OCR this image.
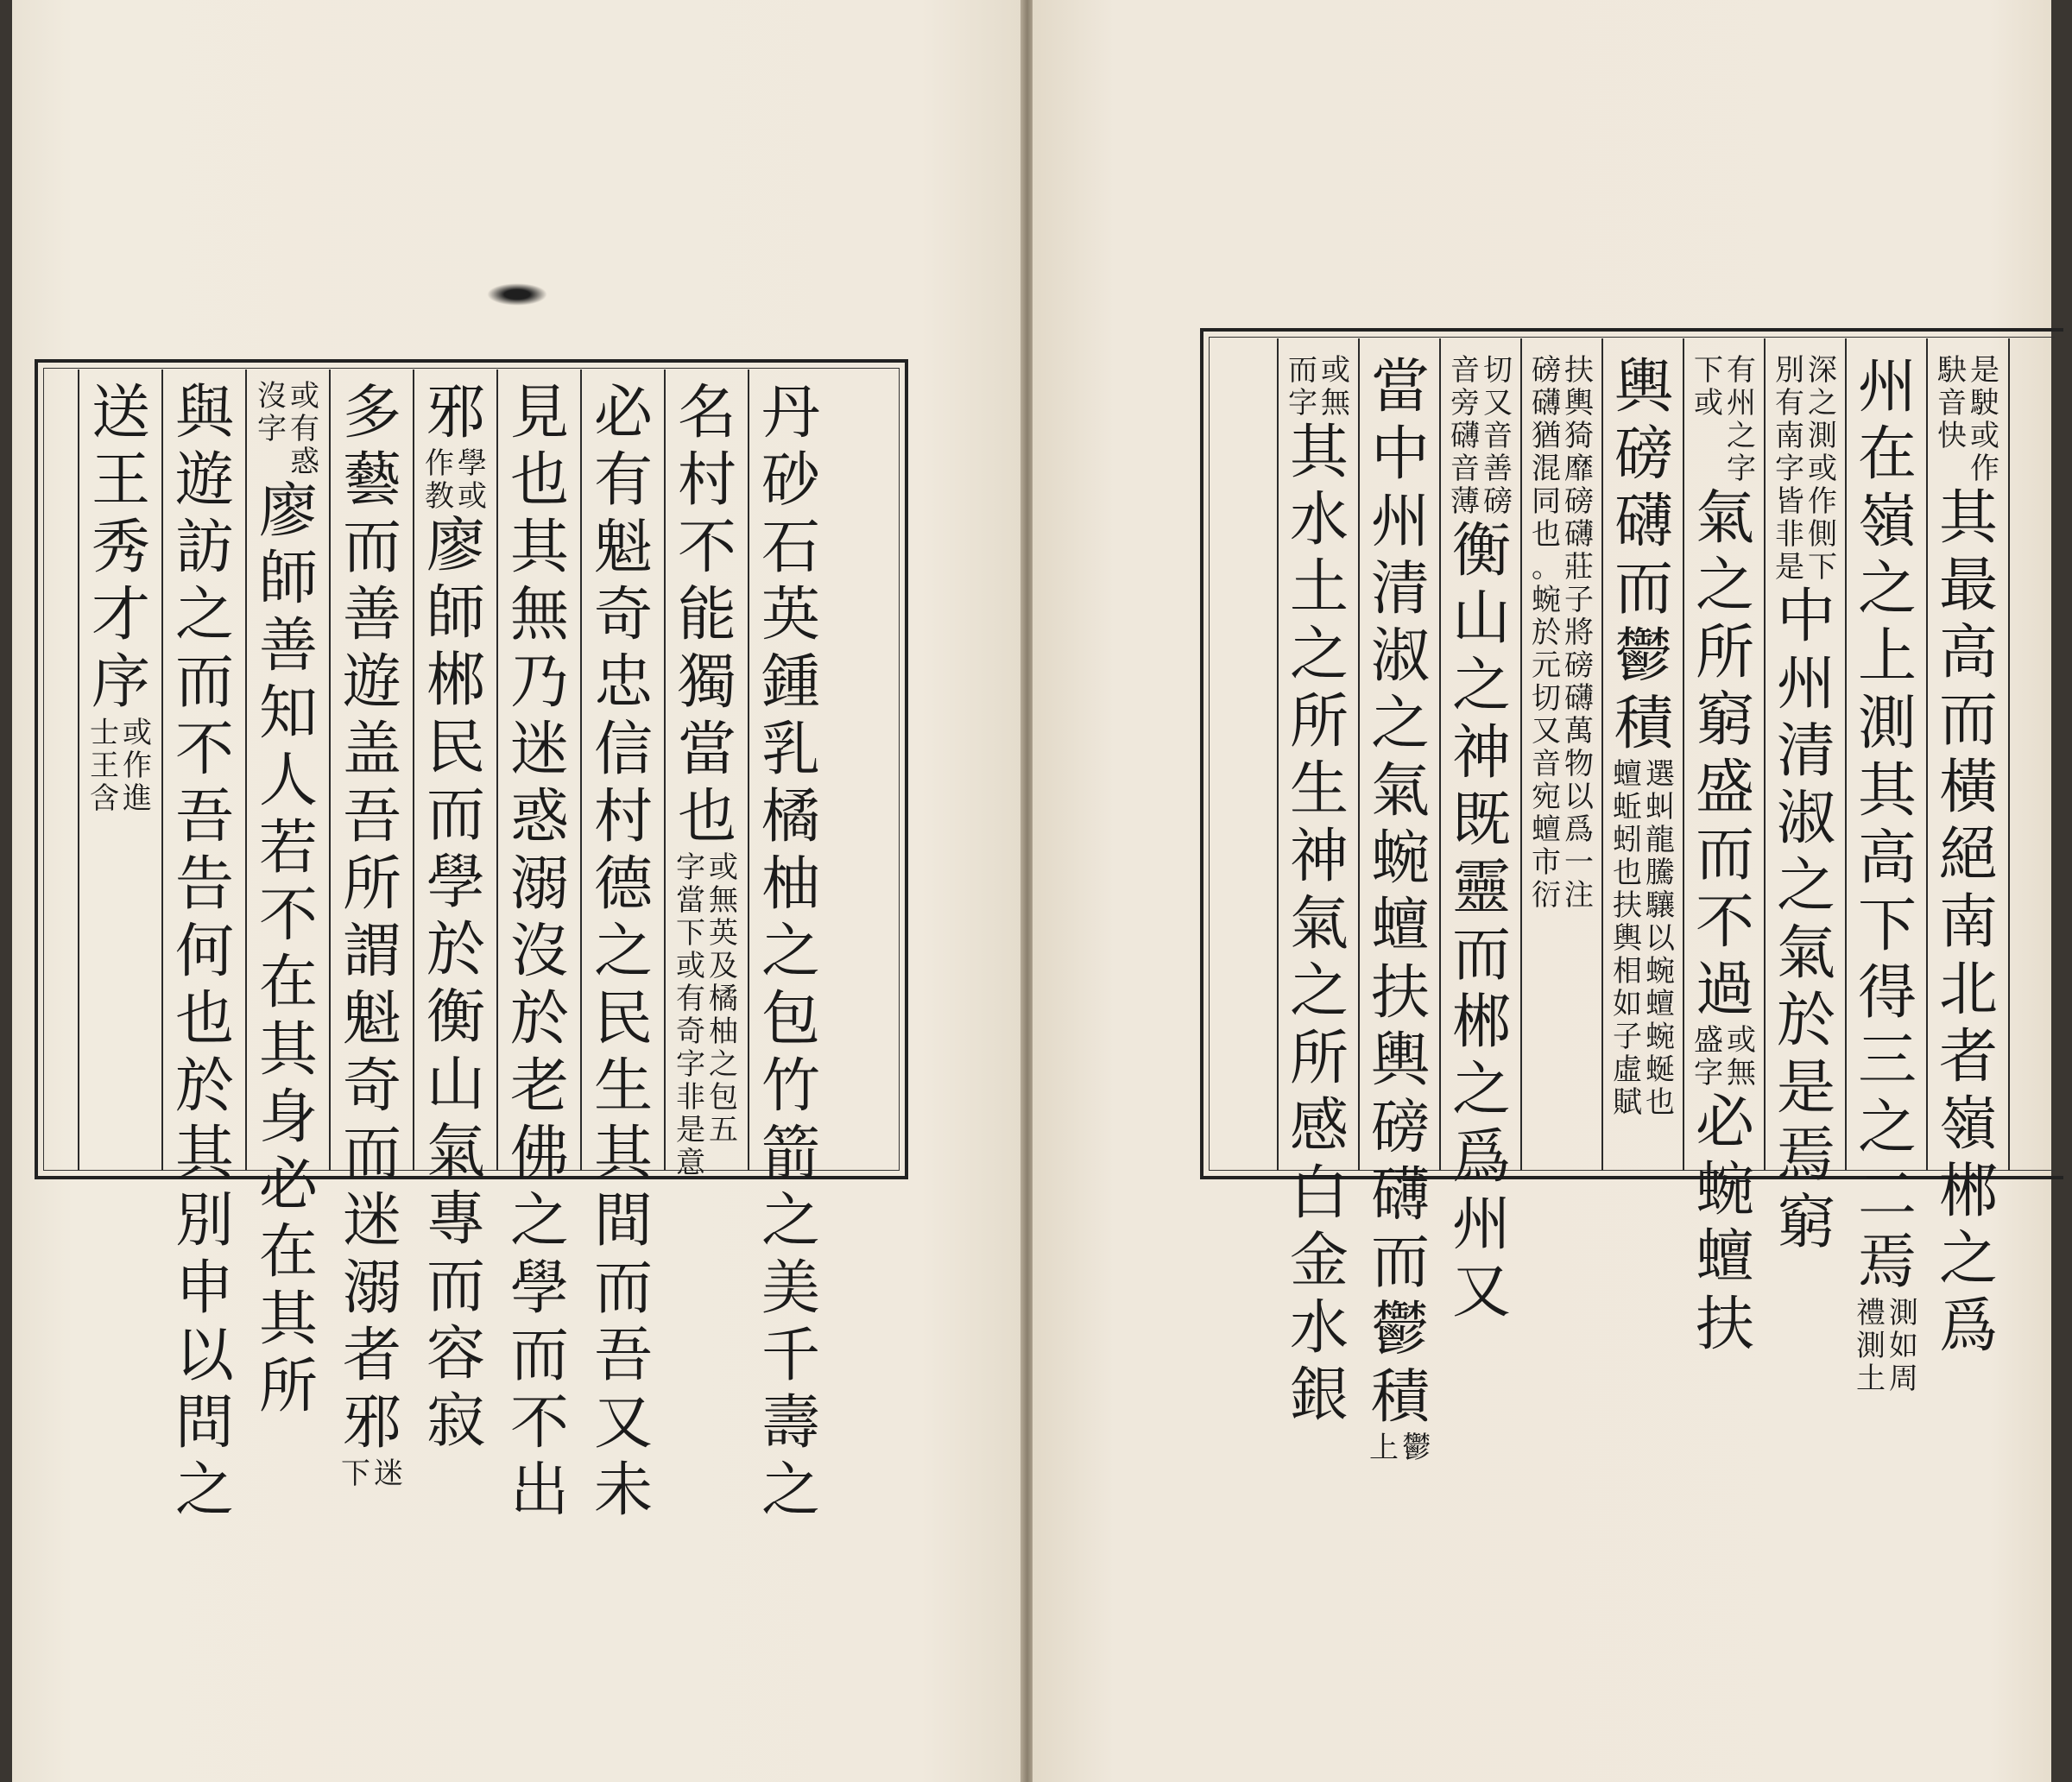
丹
砂
石
英
鍾
乳
橘
柚
之
包
竹
箭
之
美
千
壽
之
名
村
不
能
獨
當
也
或
無
英
及
橘
柚
之
包
五
字
當
下
或
有
奇
字
非
是
意
必
有
魁
奇
忠
信
村
德
之
民
生
其
間
而
吾
又
未
見
也
其
無
乃
迷
惑
溺
沒
於
老
佛
之
學
而
不
出
邪
學
或
作
教
廖
師
郴
民
而
學
於
衡
山
氣
專
而
容
寂
多
藝
而
善
遊
盖
吾
所
謂
魁
奇
而
迷
溺
者
邪
迷
下
或
有
惑
沒
字
廖
師
善
知
人
若
不
在
其
身
必
在
其
所
與
遊
訪
之
而
不
吾
告
何
也
於
其
別
申
以
問
之
送
王
秀
才
序
或
作
進
士
王
含
是
駛
或
作
駃
音
快
其
最
高
而
橫
絕
南
北
者
嶺
郴
之
爲
州
在
嶺
之
上
測
其
高
下
得
三
之
二
焉
測
如
周
禮
測
土
深
之
測
或
作
側
下
別
有
南
字
皆
非
是
中
州
清
淑
之
氣
於
是
焉
窮
有
州
之
字
下
或
氣
之
所
窮
盛
而
不
過
或
無
盛
字
必
蜿
蟺
扶
輿
磅
礴
而
鬱
積
選
虯
龍
騰
驤
以
蜿
蟺
蜿
蜒
也
蟺
蚯
蚓
也
扶
輿
相
如
子
虛
賦
扶
輿
猗
靡
磅
礴
莊
子
將
磅
礴
萬
物
以
爲
一
注
磅
礴
猶
混
同
也
。
蜿
於
元
切
又
音
宛
蟺
市
衍
切
又
音
善
磅
音
旁
礴
音
薄
衡
山
之
神
既
靈
而
郴
之
爲
州
又
當
中
州
清
淑
之
氣
蜿
蟺
扶
輿
磅
礴
而
鬱
積
鬱
上
或
無
而
字
其
水
土
之
所
生
神
氣
之
所
感
白
金
水
銀
